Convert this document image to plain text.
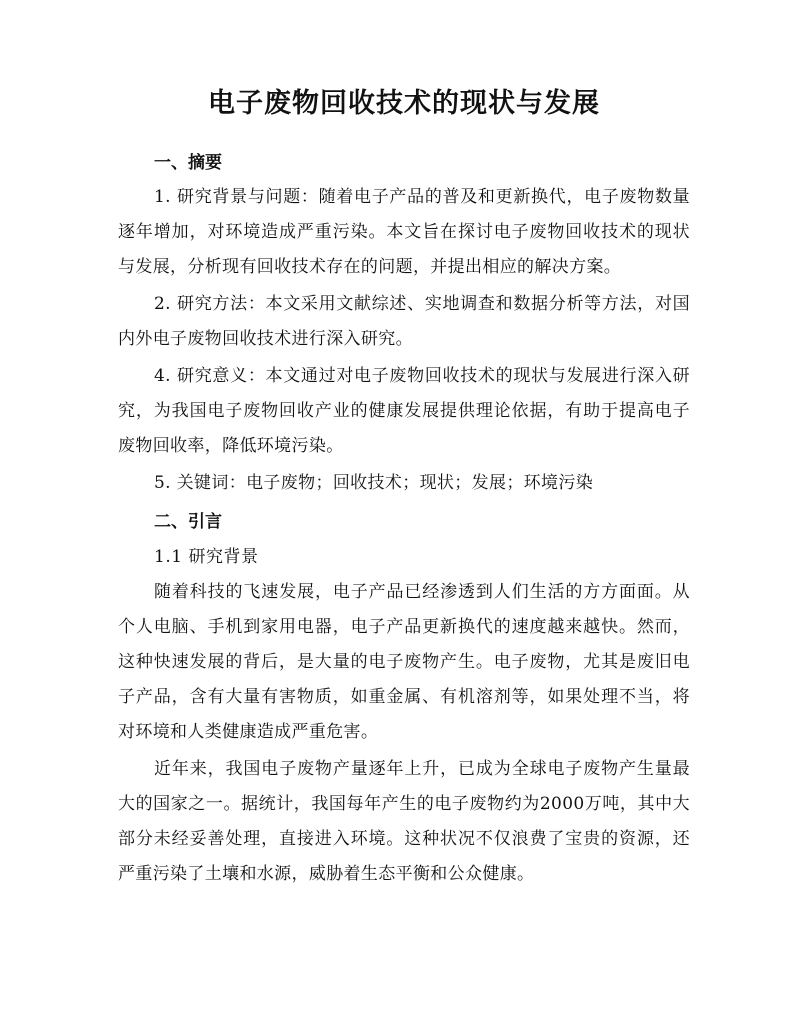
电子废物回收技术的现状与发展
一、摘要

1. 研究背景与问题：随着电子产品的普及和更新换代，电子废物数量逐年增加，对环境造成严重污染。本文旨在探讨电子废物回收技术的现状与发展，分析现有回收技术存在的问题，并提出相应的解决方案。

2. 研究方法：本文采用文献综述、实地调查和数据分析等方法，对国内外电子废物回收技术进行深入研究。

4. 研究意义：本文通过对电子废物回收技术的现状与发展进行深入研究，为我国电子废物回收产业的健康发展提供理论依据，有助于提高电子废物回收率，降低环境污染。

5. 关键词：电子废物；回收技术；现状；发展；环境污染

二、引言
1.1 研究背景

随着科技的飞速发展，电子产品已经渗透到人们生活的方方面面。从个人电脑、手机到家用电器，电子产品更新换代的速度越来越快。然而，这种快速发展的背后，是大量的电子废物产生。电子废物，尤其是废旧电子产品，含有大量有害物质，如重金属、有机溶剂等，如果处理不当，将对环境和人类健康造成严重危害。

近年来，我国电子废物产量逐年上升，已成为全球电子废物产生量最大的国家之一。据统计，我国每年产生的电子废物约为2000万吨，其中大部分未经妥善处理，直接进入环境。这种状况不仅浪费了宝贵的资源，还严重污染了土壤和水源，威胁着生态平衡和公众健康。
